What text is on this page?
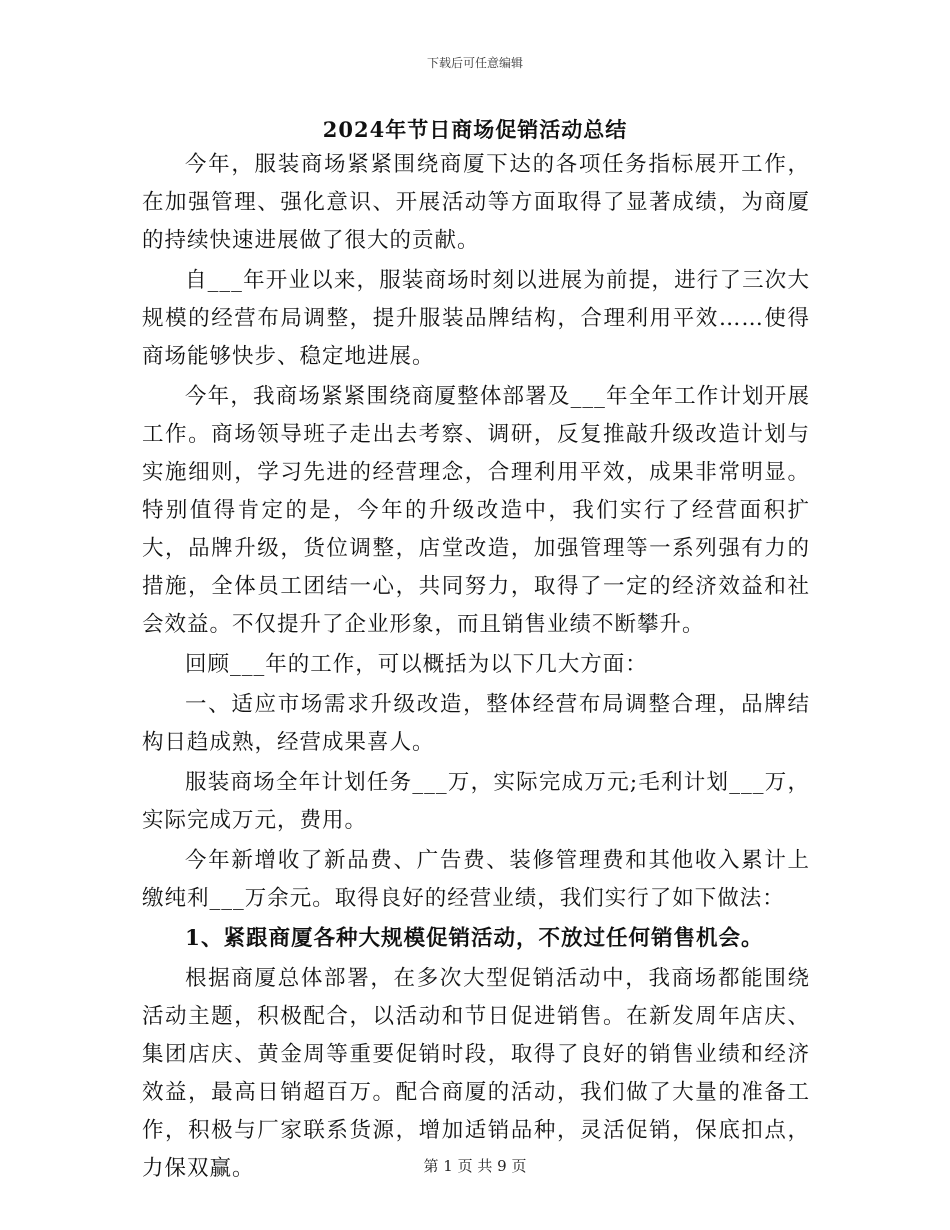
下载后可任意编辑
2024年节日商场促销活动总结

今年，服装商场紧紧围绕商厦下达的各项任务指标展开工作，在加强管理、强化意识、开展活动等方面取得了显著成绩，为商厦的持续快速进展做了很大的贡献。

自___年开业以来，服装商场时刻以进展为前提，进行了三次大规模的经营布局调整，提升服装品牌结构，合理利用平效……使得商场能够快步、稳定地进展。

今年，我商场紧紧围绕商厦整体部署及___年全年工作计划开展工作。商场领导班子走出去考察、调研，反复推敲升级改造计划与实施细则，学习先进的经营理念，合理利用平效，成果非常明显。特别值得肯定的是，今年的升级改造中，我们实行了经营面积扩大，品牌升级，货位调整，店堂改造，加强管理等一系列强有力的措施，全体员工团结一心，共同努力，取得了一定的经济效益和社会效益。不仅提升了企业形象，而且销售业绩不断攀升。

回顾___年的工作，可以概括为以下几大方面：

一、适应市场需求升级改造，整体经营布局调整合理，品牌结构日趋成熟，经营成果喜人。

服装商场全年计划任务___万，实际完成万元;毛利计划___万，实际完成万元，费用。

今年新增收了新品费、广告费、装修管理费和其他收入累计上缴纯利___万余元。取得良好的经营业绩，我们实行了如下做法：

1、紧跟商厦各种大规模促销活动，不放过任何销售机会。

根据商厦总体部署，在多次大型促销活动中，我商场都能围绕活动主题，积极配合，以活动和节日促进销售。在新发周年店庆、集团店庆、黄金周等重要促销时段，取得了良好的销售业绩和经济效益，最高日销超百万。配合商厦的活动，我们做了大量的准备工作，积极与厂家联系货源，增加适销品种，灵活促销，保底扣点，力保双赢。	第 1 页 共 9 页
